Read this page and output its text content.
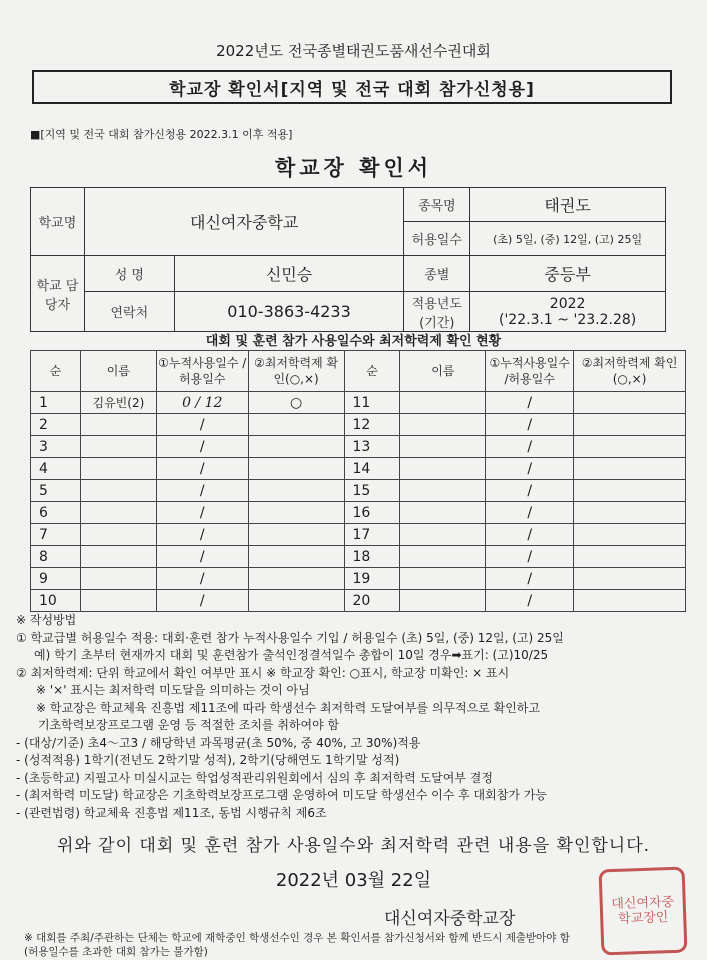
2022년도 전국종별태권도품새선수권대회
학교장 확인서[지역 및 전국 대회 참가신청용]
■[지역 및 전국 대회 참가신청용 2022.3.1 이후 적용]
학교장 확인서
학교명	대신여자중학교		종목명	태권도
			허용일수	(초) 5일, (중) 12일, (고) 25일
학교 담당자	성 명	신민승	종별	중등부
	연락처	010-3863-4233	적용년도 (기간)	2022
('22.3.1 ~ '23.2.28)
대회 및 훈련 참가 사용일수와 최저학력제 확인 현황
순	이름	①누적사용일수 /허용일수	②최저학력제 확인(○,×)	순	이름	①누적사용일수 /허용일수	②최저학력제 확인(○,×)
1	김유빈(2)	0 / 12	○	11		/	
2		/		12		/	
3		/		13		/	
4		/		14		/	
5		/		15		/	
6		/		16		/	
7		/		17		/	
8		/		18		/	
9		/		19		/	
10		/		20		/	
※ 작성방법
① 학교급별 허용일수 적용: 대회·훈련 참가 누적사용일수 기입 / 허용일수 (초) 5일, (중) 12일, (고) 25일
예) 학기 초부터 현재까지 대회 및 훈련참가 출석인정결석일수 총합이 10일 경우➡표기: (고)10/25
② 최저학력제: 단위 학교에서 확인 여부만 표시 ※ 학교장 확인: ○표시, 학교장 미확인: × 표시
※ '×' 표시는 최저학력 미도달을 의미하는 것이 아님
※ 학교장은 학교체육 진흥법 제11조에 따라 학생선수 최저학력 도달여부를 의무적으로 확인하고
기초학력보장프로그램 운영 등 적절한 조치를 취하여야 함
- (대상/기준) 초4～고3 / 해당학년 과목평균(초 50%, 중 40%, 고 30%)적용
- (성적적용) 1학기(전년도 2학기말 성적), 2학기(당해연도 1학기말 성적)
- (초등학교) 지필고사 미실시교는 학업성적관리위원회에서 심의 후 최저학력 도달여부 결정
- (최저학력 미도달) 학교장은 기초학력보장프로그램 운영하여 미도달 학생선수 이수 후 대회참가 가능
- (관련법령) 학교체육 진흥법 제11조, 동법 시행규칙 제6조
위와 같이 대회 및 훈련 참가 사용일수와 최저학력 관련 내용을 확인합니다.
2022년 03월 22일
대신여자중학교장
대신여자중학교장인
※ 대회를 주최/주관하는 단체는 학교에 재학중인 학생선수인 경우 본 확인서를 참가신청서와 함께 반드시 제출받아야 함
(허용일수를 초과한 대회 참가는 불가함)
